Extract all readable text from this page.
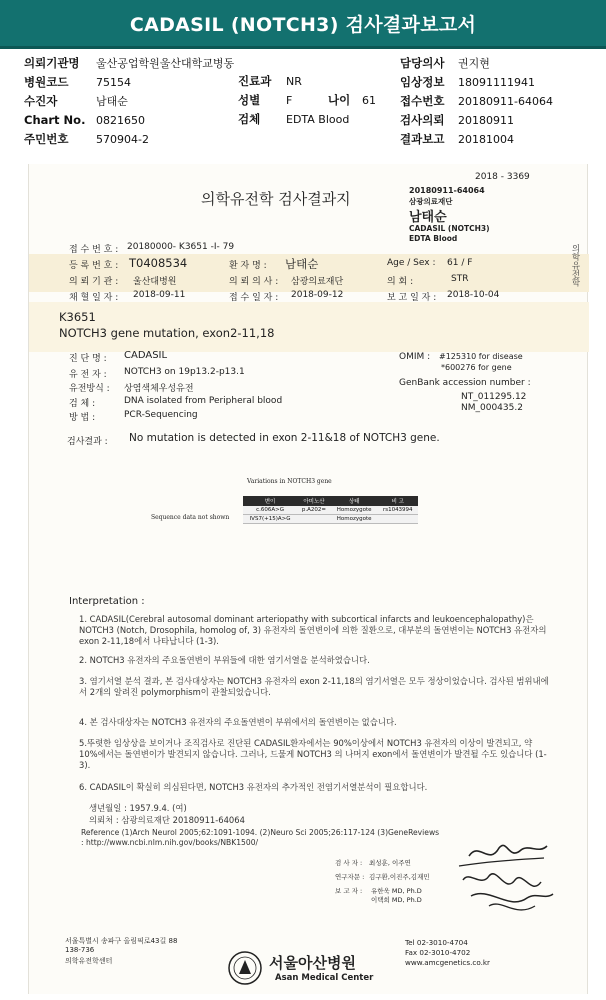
CADASIL (NOTCH3) 검사결과보고서
의뢰기관명 울산공업학원울산대학교병동
병원코드	75154
수진자	남태순
Chart No. 0821650
주민번호	570904-2
진료과 NR
성별 F	나이 61
검체 EDTA Blood
담당의사 권지현
임상정보 18091111941
접수번호 20180911-64064
검사의뢰 20180911
결과보고 20181004
2018 - 3369
의학유전학 검사결과지	20180911-64064
삼광의료재단
남태순
CADASIL (NOTCH3)
EDTA Blood
의학유전학
접 수 번 호 : 20180000- K3651 -I- 79
등 록 번 호 : T0408534	환 자 명 : 남태순	Age / Sex : 61 / F
의 뢰 기 관 : 울산대병원	의 뢰 의 사 : 삼광의료재단	의 회 :	STR
채 혈 일 자 : 2018-09-11	접 수 일 자 : 2018-09-12	보 고 일 자 : 2018-10-04
K3651
NOTCH3 gene mutation, exon2-11,18
진 단 명 : CADASIL
유 전 자 : NOTCH3 on 19p13.2-p13.1
유전방식 : 상염색체우성유전
검 체 :	DNA isolated from Peripheral blood
방 법 :	PCR-Sequencing
OMIM : #125310 for disease
*600276 for gene
GenBank accession number :
NT_011295.12
NM_000435.2
검사결과 : No mutation is detected in exon 2-11&18 of NOTCH3 gene.
Variations in NOTCH3 gene
Sequence data not shown
변이	아미노산	상태	비 고
c.606A>G	p.A202=	Homozygote	rs1043994
IVS7(+15)A>G		Homozygote	
Interpretation :
1. CADASIL(Cerebral autosomal dominant arteriopathy with subcortical infarcts and leukoencephalopathy)은 NOTCH3 (Notch, Drosophila, homolog of, 3) 유전자의 돌연변이에 의한 질환으로, 대부분의 돌연변이는 NOTCH3 유전자의 exon 2-11,18에서 나타납니다 (1-3).
2. NOTCH3 유전자의 주요돌연변이 부위들에 대한 염기서열을 분석하였습니다.
3. 염기서열 분석 결과, 본 검사대상자는 NOTCH3 유전자의 exon 2-11,18의 염기서열은 모두 정상이었습니다. 검사된 범위내에서 2개의 알려진 polymorphism이 관찰되었습니다.
4. 본 검사대상자는 NOTCH3 유전자의 주요돌연변이 부위에서의 돌연변이는 없습니다.
5.뚜렷한 임상상을 보이거나 조직검사로 진단된 CADASIL환자에서는 90%이상에서 NOTCH3 유전자의 이상이 발견되고, 약 10%에서는 돌연변이가 발견되지 않습니다. 그러나, 드물게 NOTCH3 의 나머지 exon에서 돌연변이가 발견될 수도 있습니다 (1-3).
6. CADASIL이 확실히 의심된다면, NOTCH3 유전자의 추가적인 전염기서열분석이 필요합니다.
생년월일 : 1957.9.4. (여)
의뢰처 : 삼광의료재단 20180911-64064
Reference (1)Arch Neurol 2005;62:1091-1094. (2)Neuro Sci 2005;26:117-124 (3)GeneReviews : http://www.ncbi.nlm.nih.gov/books/NBK1500/
검 사 자 : 최성훈, 이주연
연구자문 : 김구환,이진주,김재민
보 고 자 : 유한욱 MD, Ph.D
이택희 MD, Ph.D
서울특별시 송파구 올림픽로43길 88
138-736
의학유전학센터
Tel 02-3010-4704
Fax 02-3010-4702
www.amcgenetics.co.kr
서울아산병원
Asan Medical Center
